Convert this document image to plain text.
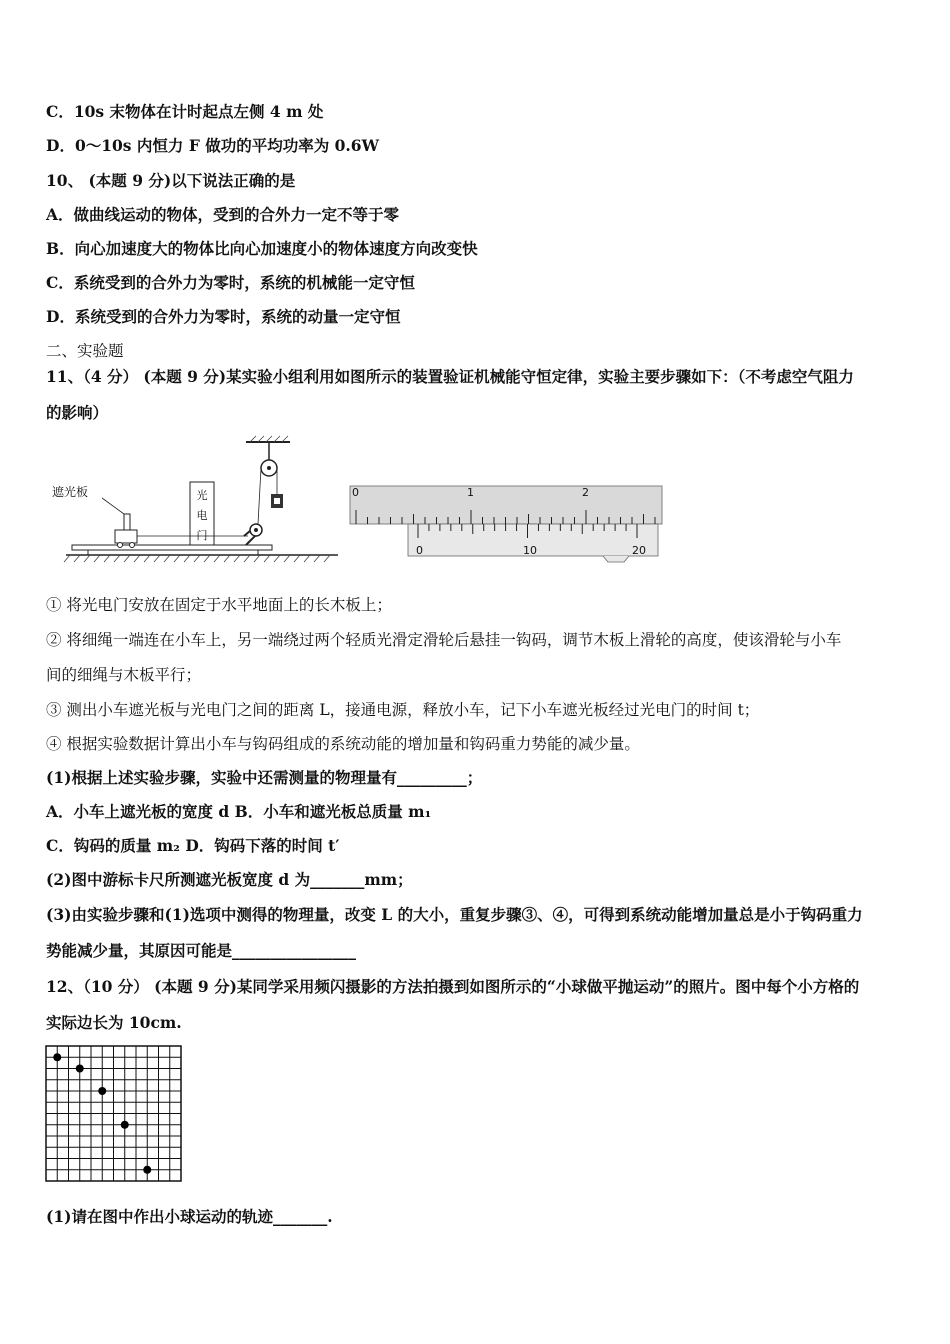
C．10s 末物体在计时起点左侧 4 m 处
D．0～10s 内恒力 F 做功的平均功率为 0.6W
10、 (本题 9 分)以下说法正确的是
A．做曲线运动的物体，受到的合外力一定不等于零
B．向心加速度大的物体比向心加速度小的物体速度方向改变快
C．系统受到的合外力为零时，系统的机械能一定守恒
D．系统受到的合外力为零时，系统的动量一定守恒
二、实验题
11、（4 分） (本题 9 分)某实验小组利用如图所示的装置验证机械能守恒定律，实验主要步骤如下：（不考虑空气阻力
的影响）
遮光板	光
电
门
0	1	2
0	10	20
① 将光电门安放在固定于水平地面上的长木板上；
② 将细绳一端连在小车上，另一端绕过两个轻质光滑定滑轮后悬挂一钩码，调节木板上滑轮的高度，使该滑轮与小车
间的细绳与木板平行；
③ 测出小车遮光板与光电门之间的距离 L，接通电源，释放小车，记下小车遮光板经过光电门的时间 t；
④ 根据实验数据计算出小车与钩码组成的系统动能的增加量和钩码重力势能的减少量。
(1)根据上述实验步骤，实验中还需测量的物理量有_________；
A．小车上遮光板的宽度 d B．小车和遮光板总质量 m₁
C．钩码的质量 m₂ D．钩码下落的时间 t′
(2)图中游标卡尺所测遮光板宽度 d 为_______mm；
(3)由实验步骤和(1)选项中测得的物理量，改变 L 的大小，重复步骤③、④，可得到系统动能增加量总是小于钩码重力
势能减少量，其原因可能是________________
12、（10 分） (本题 9 分)某同学采用频闪摄影的方法拍摄到如图所示的“小球做平抛运动”的照片。图中每个小方格的
实际边长为 10cm.
(1)请在图中作出小球运动的轨迹_______.
